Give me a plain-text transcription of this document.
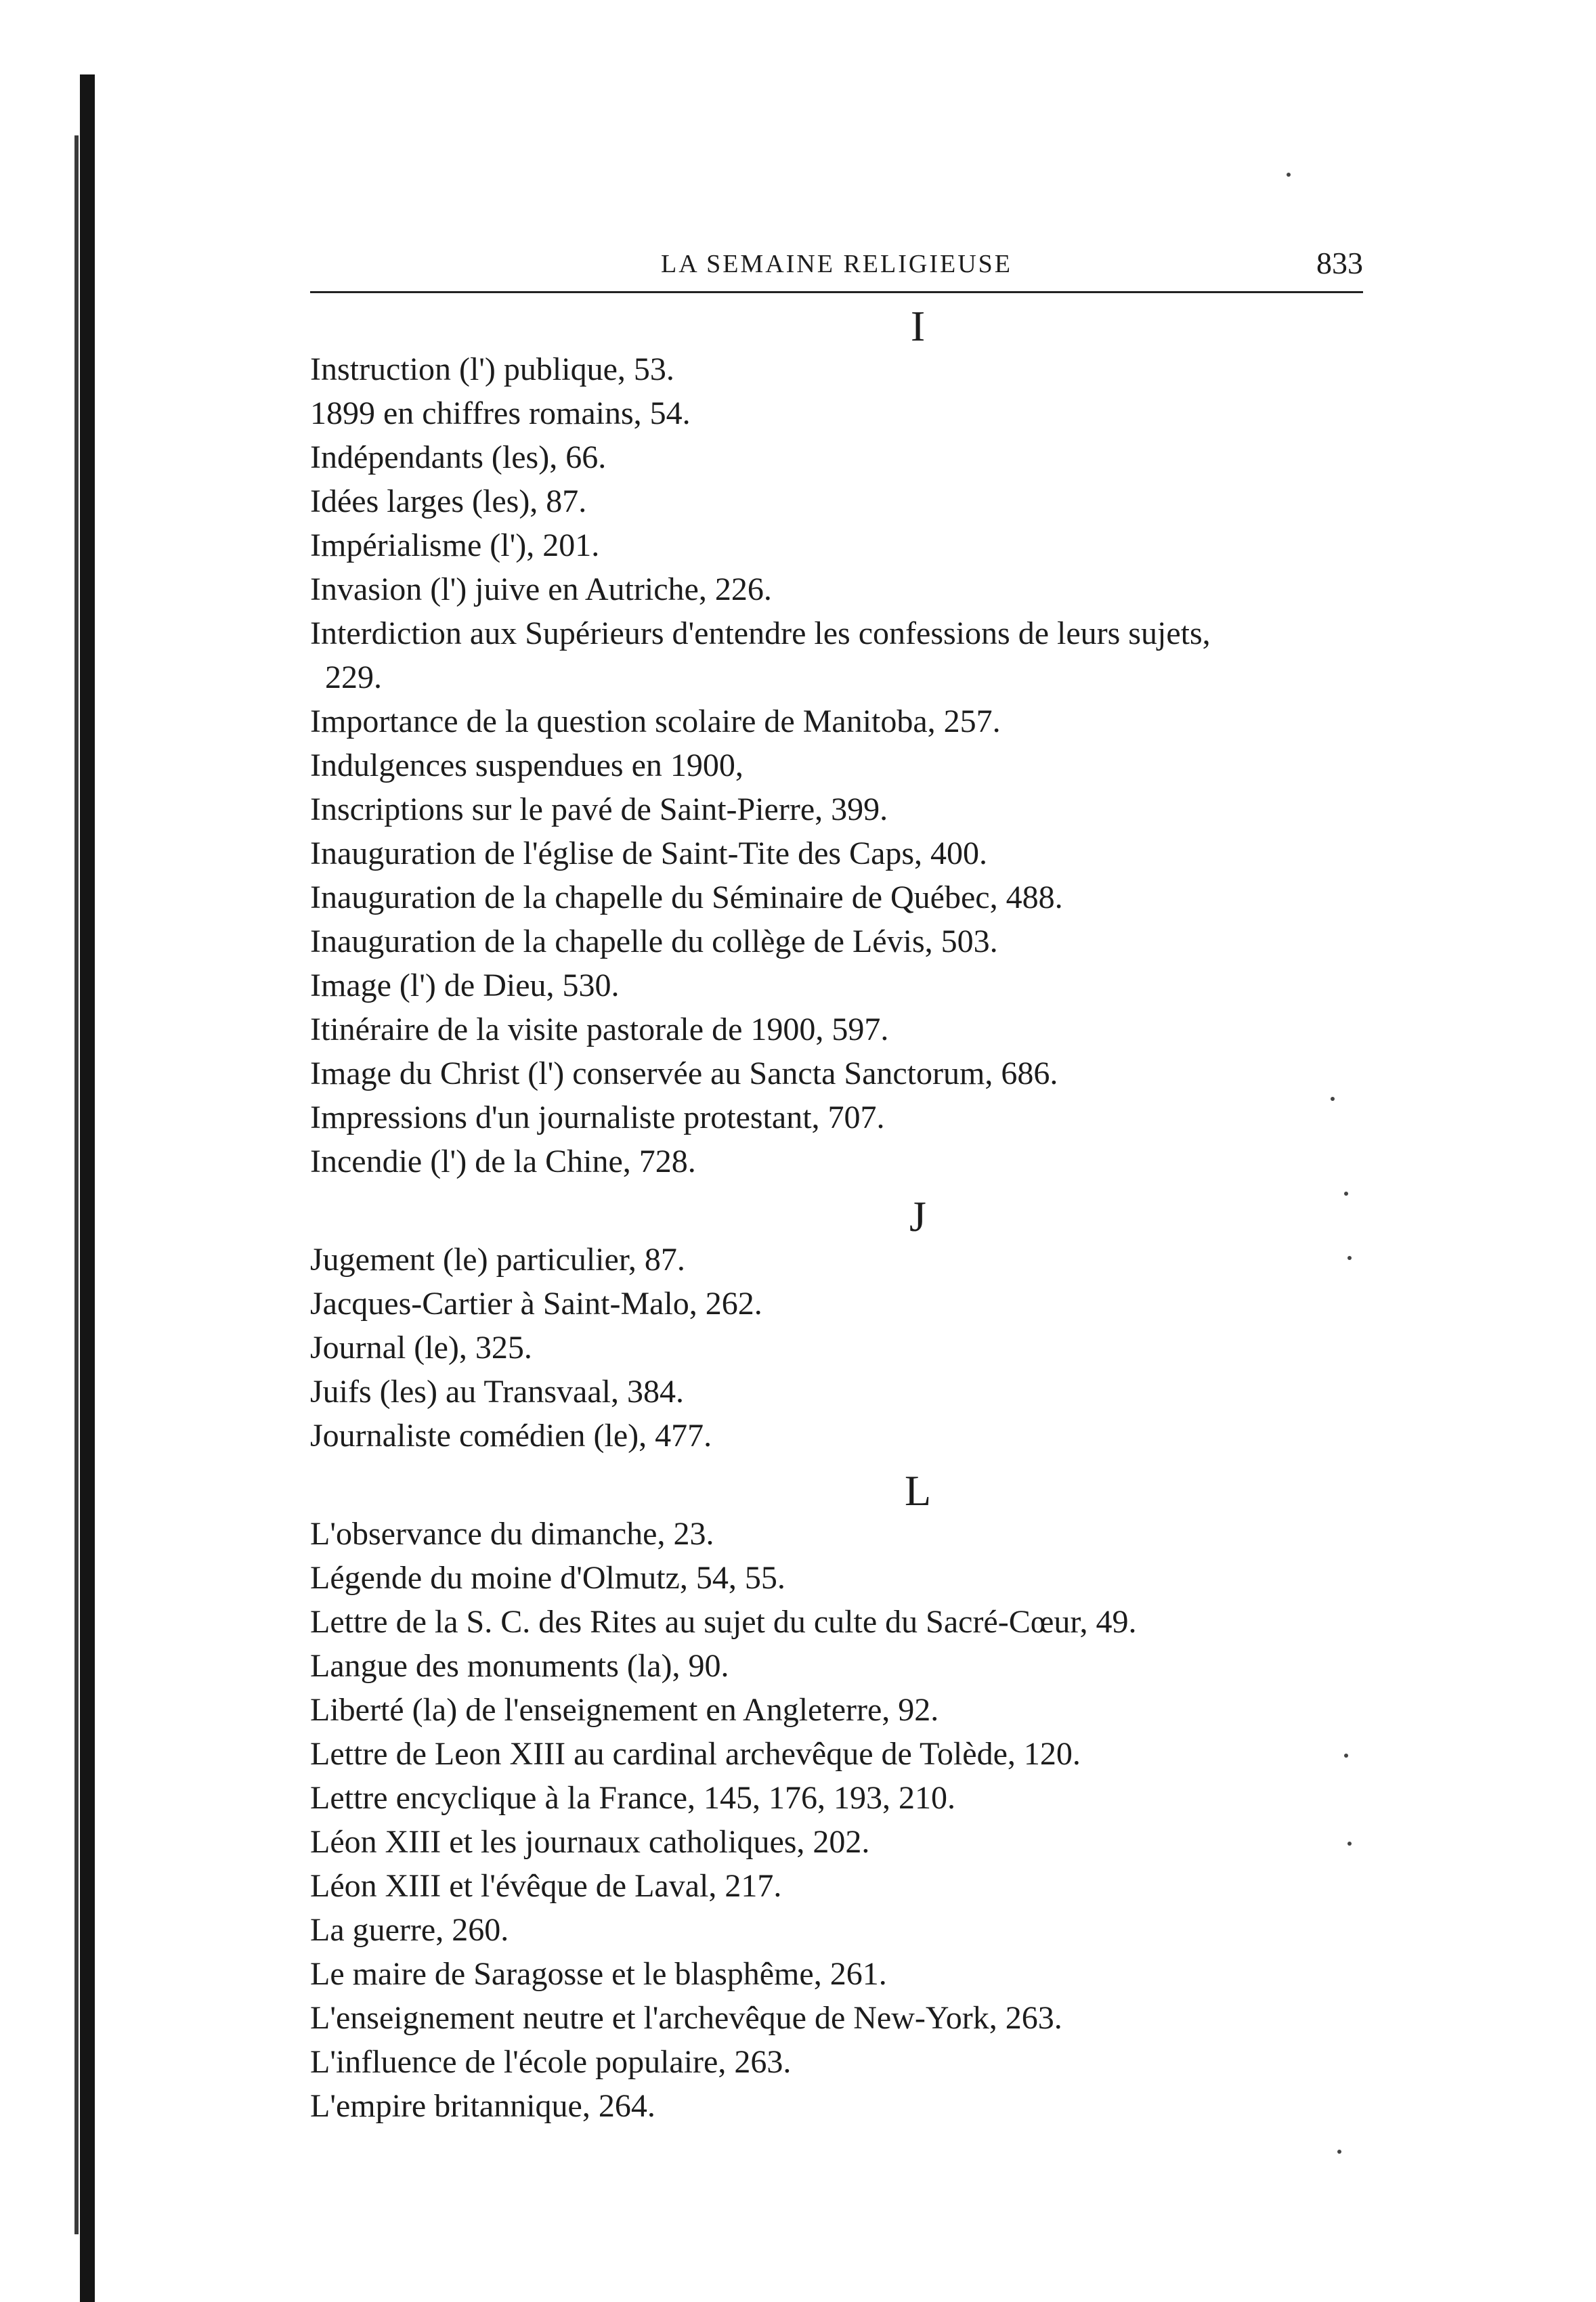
LA SEMAINE RELIGIEUSE	833
I
Instruction (l') publique, 53.
1899 en chiffres romains, 54.
Indépendants (les), 66.
Idées larges (les), 87.
Impérialisme (l'), 201.
Invasion (l') juive en Autriche, 226.
Interdiction aux Supérieurs d'entendre les confessions de leurs sujets,
229.
Importance de la question scolaire de Manitoba, 257.
Indulgences suspendues en 1900,
Inscriptions sur le pavé de Saint-Pierre, 399.
Inauguration de l'église de Saint-Tite des Caps, 400.
Inauguration de la chapelle du Séminaire de Québec, 488.
Inauguration de la chapelle du collège de Lévis, 503.
Image (l') de Dieu, 530.
Itinéraire de la visite pastorale de 1900, 597.
Image du Christ (l') conservée au Sancta Sanctorum, 686.
Impressions d'un journaliste protestant, 707.
Incendie (l') de la Chine, 728.
J
Jugement (le) particulier, 87.
Jacques-Cartier à Saint-Malo, 262.
Journal (le), 325.
Juifs (les) au Transvaal, 384.
Journaliste comédien (le), 477.
L
L'observance du dimanche, 23.
Légende du moine d'Olmutz, 54, 55.
Lettre de la S. C. des Rites au sujet du culte du Sacré-Cœur, 49.
Langue des monuments (la), 90.
Liberté (la) de l'enseignement en Angleterre, 92.
Lettre de Leon XIII au cardinal archevêque de Tolède, 120.
Lettre encyclique à la France, 145, 176, 193, 210.
Léon XIII et les journaux catholiques, 202.
Léon XIII et l'évêque de Laval, 217.
La guerre, 260.
Le maire de Saragosse et le blasphême, 261.
L'enseignement neutre et l'archevêque de New-York, 263.
L'influence de l'école populaire, 263.
L'empire britannique, 264.
